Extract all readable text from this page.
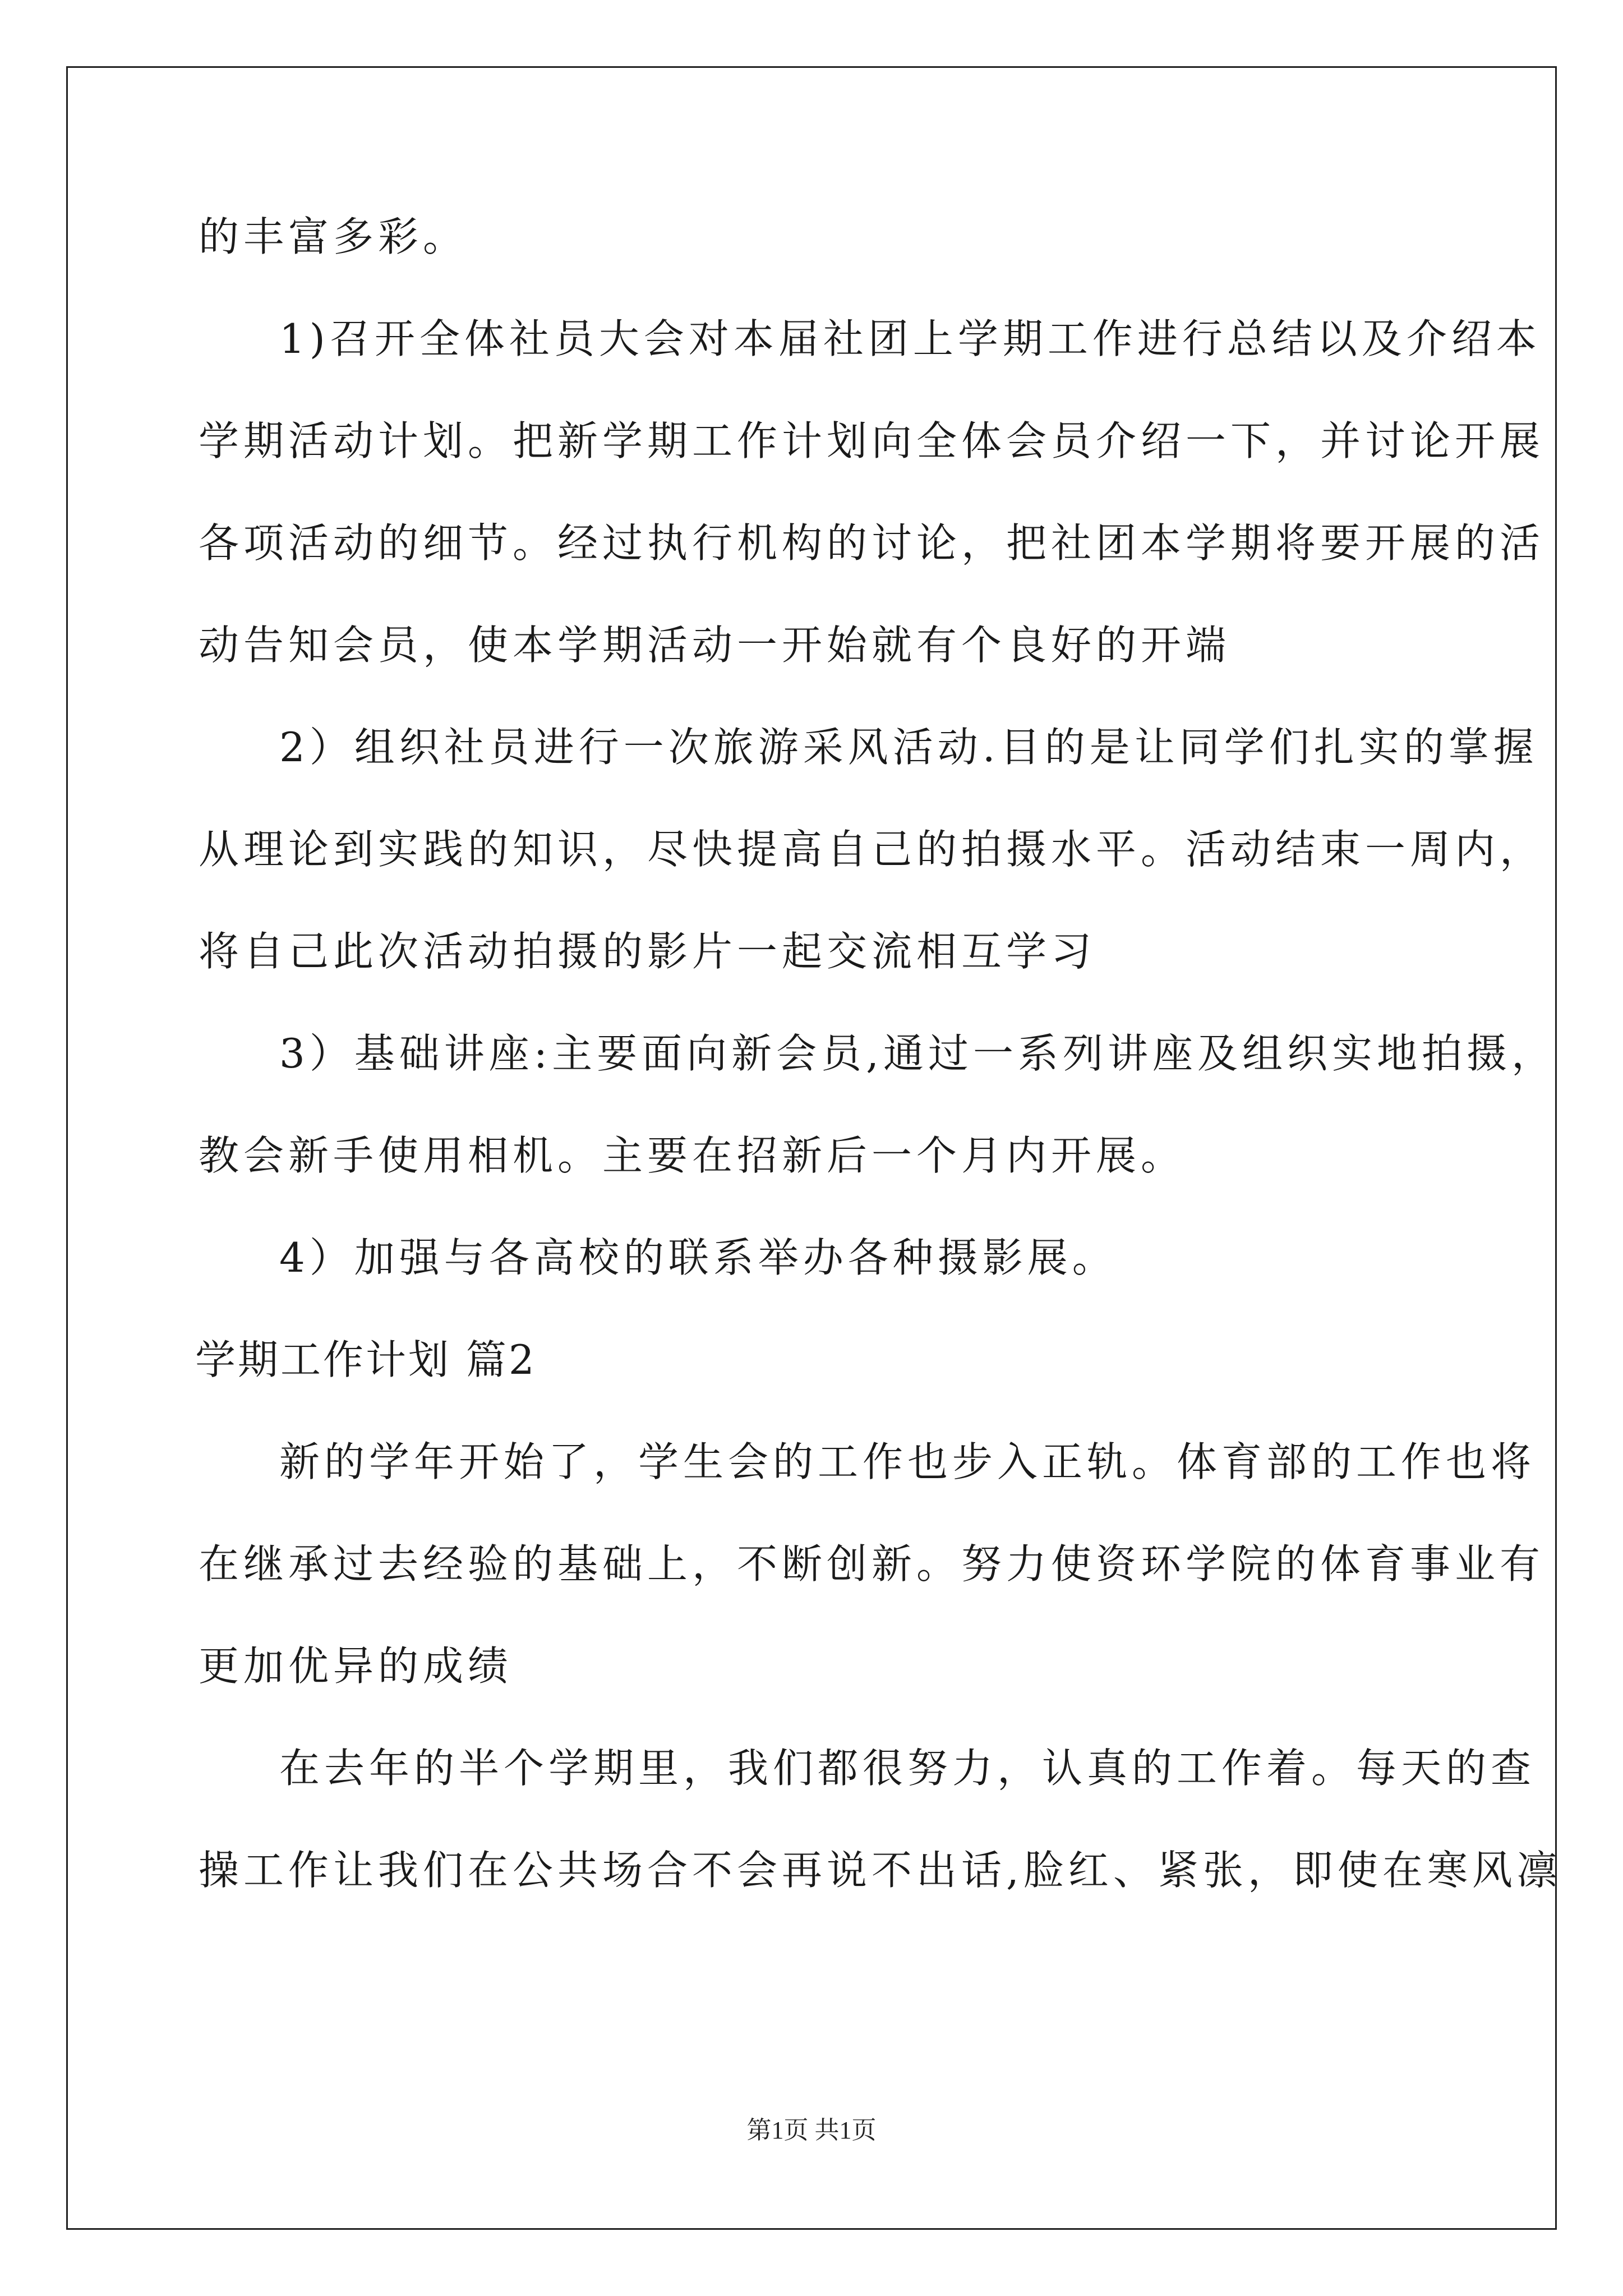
的丰富多彩。
1)召开全体社员大会对本届社团上学期工作进行总结以及介绍本
学期活动计划。把新学期工作计划向全体会员介绍一下，并讨论开展
各项活动的细节。经过执行机构的讨论，把社团本学期将要开展的活
动告知会员，使本学期活动一开始就有个良好的开端
2）组织社员进行一次旅游采风活动.目的是让同学们扎实的掌握
从理论到实践的知识，尽快提高自己的拍摄水平。活动结束一周内，
将自己此次活动拍摄的影片一起交流相互学习
3）基础讲座:主要面向新会员,通过一系列讲座及组织实地拍摄，
教会新手使用相机。主要在招新后一个月内开展。
4）加强与各高校的联系举办各种摄影展。
学期工作计划 篇2
新的学年开始了，学生会的工作也步入正轨。体育部的工作也将
在继承过去经验的基础上，不断创新。努力使资环学院的体育事业有
更加优异的成绩
在去年的半个学期里，我们都很努力，认真的工作着。每天的查
操工作让我们在公共场合不会再说不出话,脸红、紧张，即使在寒风凛
第1页 共1页
